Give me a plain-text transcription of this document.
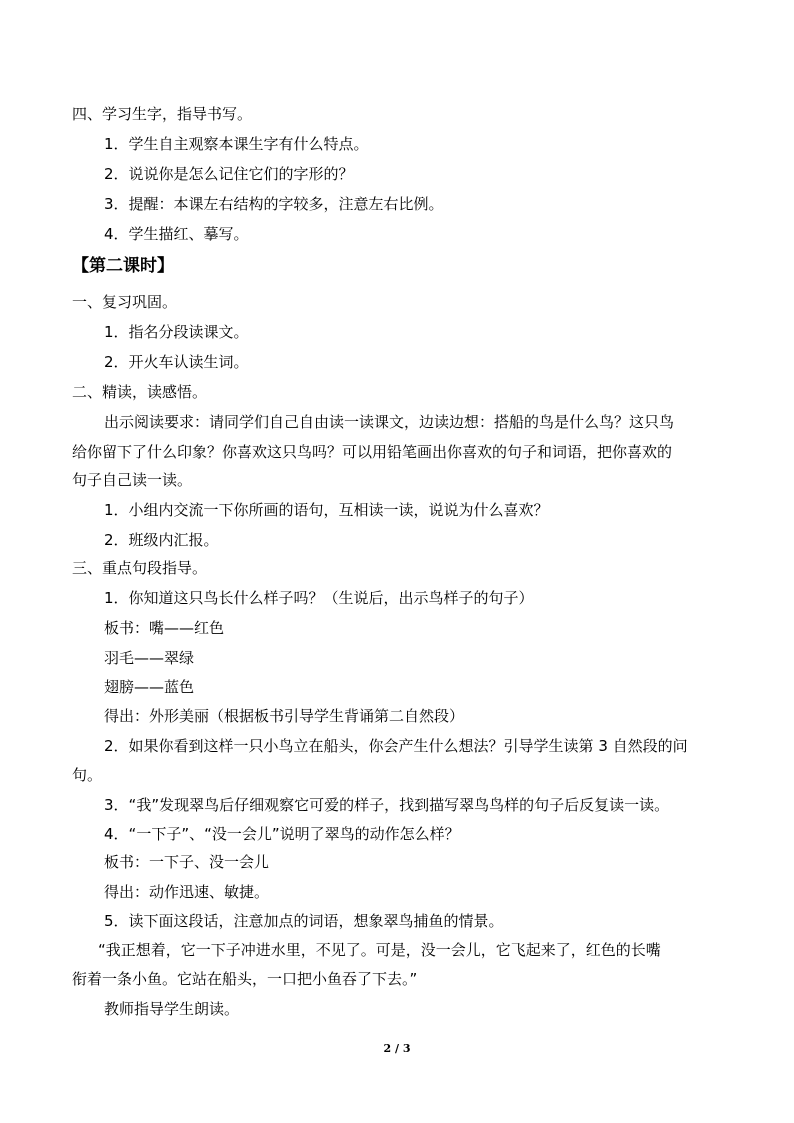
四、学习生字，指导书写。
1．学生自主观察本课生字有什么特点。
2．说说你是怎么记住它们的字形的？
3．提醒：本课左右结构的字较多，注意左右比例。
4．学生描红、摹写。
【第二课时】
一、复习巩固。
1．指名分段读课文。
2．开火车认读生词。
二、精读，读感悟。
出示阅读要求：请同学们自己自由读一读课文，边读边想：搭船的鸟是什么鸟？这只鸟
给你留下了什么印象？你喜欢这只鸟吗？可以用铅笔画出你喜欢的句子和词语，把你喜欢的
句子自己读一读。
1．小组内交流一下你所画的语句，互相读一读，说说为什么喜欢？
2．班级内汇报。
三、重点句段指导。
1．你知道这只鸟长什么样子吗？（生说后，出示鸟样子的句子）
板书：嘴——红色
羽毛——翠绿
翅膀——蓝色
得出：外形美丽（根据板书引导学生背诵第二自然段）
2．如果你看到这样一只小鸟立在船头，你会产生什么想法？引导学生读第 3 自然段的问
句。
3．“我”发现翠鸟后仔细观察它可爱的样子，找到描写翠鸟鸟样的句子后反复读一读。
4．“一下子”、“没一会儿”说明了翠鸟的动作怎么样？
板书：一下子、没一会儿
得出：动作迅速、敏捷。
5．读下面这段话，注意加点的词语，想象翠鸟捕鱼的情景。
“我正想着，它一下子冲进水里，不见了。可是，没一会儿，它飞起来了，红色的长嘴
衔着一条小鱼。它站在船头，一口把小鱼吞了下去。”
教师指导学生朗读。
2 / 3
